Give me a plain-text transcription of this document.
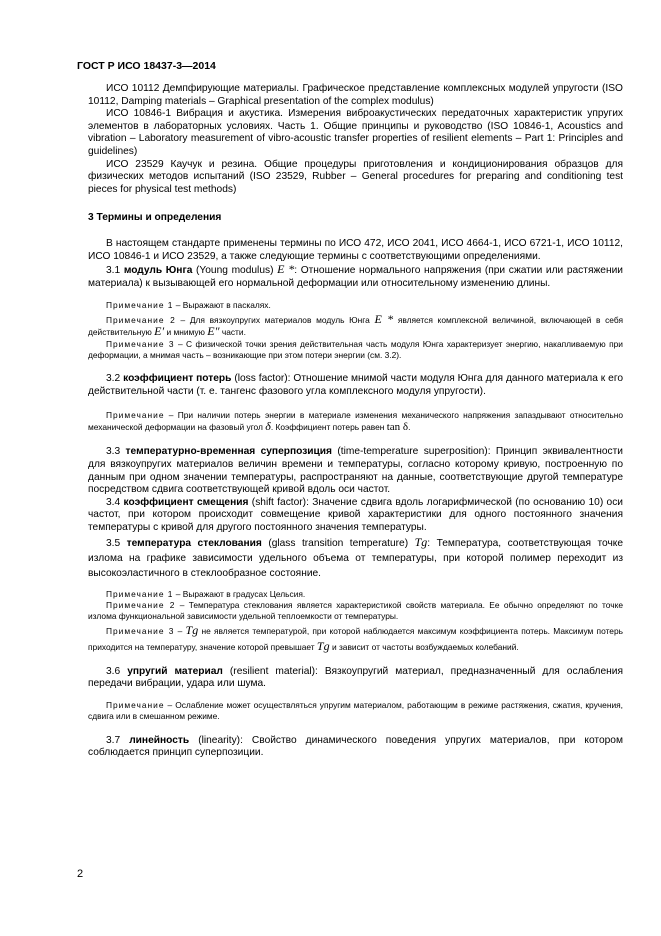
ГОСТ Р ИСО 18437-3—2014

ИСО 10112 Демпфирующие материалы. Графическое представление комплексных модулей упругости (ISO 10112, Damping materials – Graphical presentation of the complex modulus)

ИСО 10846-1 Вибрация и акустика. Измерения виброакустических передаточных характеристик упругих элементов в лабораторных условиях. Часть 1. Общие принципы и руководство (ISO 10846-1, Acoustics and vibration – Laboratory measurement of vibro-acoustic transfer properties of resilient elements – Part 1: Principles and guidelines)

ИСО 23529 Каучук и резина. Общие процедуры приготовления и кондиционирования образцов для физических методов испытаний (ISO 23529, Rubber – General procedures for preparing and conditioning test pieces for physical test methods)

3 Термины и определения

В настоящем стандарте применены термины по ИСО 472, ИСО 2041, ИСО 4664-1, ИСО 6721-1, ИСО 10112, ИСО 10846-1 и ИСО 23529, а также следующие термины с соответствующими определениями.

3.1 модуль Юнга (Young modulus) E *: Отношение нормального напряжения (при сжатии или растяжении материала) к вызывающей его нормальной деформации или относительному изменению длины.

Примечание 1 – Выражают в паскалях.

Примечание 2 – Для вязкоупругих материалов модуль Юнга E * является комплексной величиной, включающей в себя действительную E′ и мнимую E″ части.

Примечание 3 – С физической точки зрения действительная часть модуля Юнга характеризует энергию, накапливаемую при деформации, а мнимая часть – возникающие при этом потери энергии (см. 3.2).

3.2 коэффициент потерь (loss factor): Отношение мнимой части модуля Юнга для данного материала к его действительной части (т. е. тангенс фазового угла комплексного модуля упругости).

Примечание – При наличии потерь энергии в материале изменения механического напряжения запаздывают относительно механической деформации на фазовый угол δ. Коэффициент потерь равен tan δ.

3.3 температурно-временная суперпозиция (time-temperature superposition): Принцип эквивалентности для вязкоупругих материалов величин времени и температуры, согласно которому кривую, построенную по данным при одном значении температуры, распространяют на данные, соответствующие другой температуре посредством сдвига соответствующей кривой вдоль оси частот.

3.4 коэффициент смещения (shift factor): Значение сдвига вдоль логарифмической (по основанию 10) оси частот, при котором происходит совмещение кривой характеристики для одного постоянного значения температуры с кривой для другого постоянного значения температуры.

3.5 температура стеклования (glass transition temperature) Tg: Температура, соответствующая точке излома на графике зависимости удельного объема от температуры, при которой полимер переходит из высокоэластичного в стеклообразное состояние.

Примечание 1 – Выражают в градусах Цельсия.

Примечание 2 – Температура стеклования является характеристикой свойств материала. Ее обычно определяют по точке излома функциональной зависимости удельной теплоемкости от температуры.

Примечание 3 – Tg не является температурой, при которой наблюдается максимум коэффициента потерь. Максимум потерь приходится на температуру, значение которой превышает Tg и зависит от частоты возбуждаемых колебаний.

3.6 упругий материал (resilient material): Вязкоупругий материал, предназначенный для ослабления передачи вибрации, удара или шума.

Примечание – Ослабление может осуществляться упругим материалом, работающим в режиме растяжения, сжатия, кручения, сдвига или в смешанном режиме.

3.7 линейность (linearity): Свойство динамического поведения упругих материалов, при котором соблюдается принцип суперпозиции.

2
